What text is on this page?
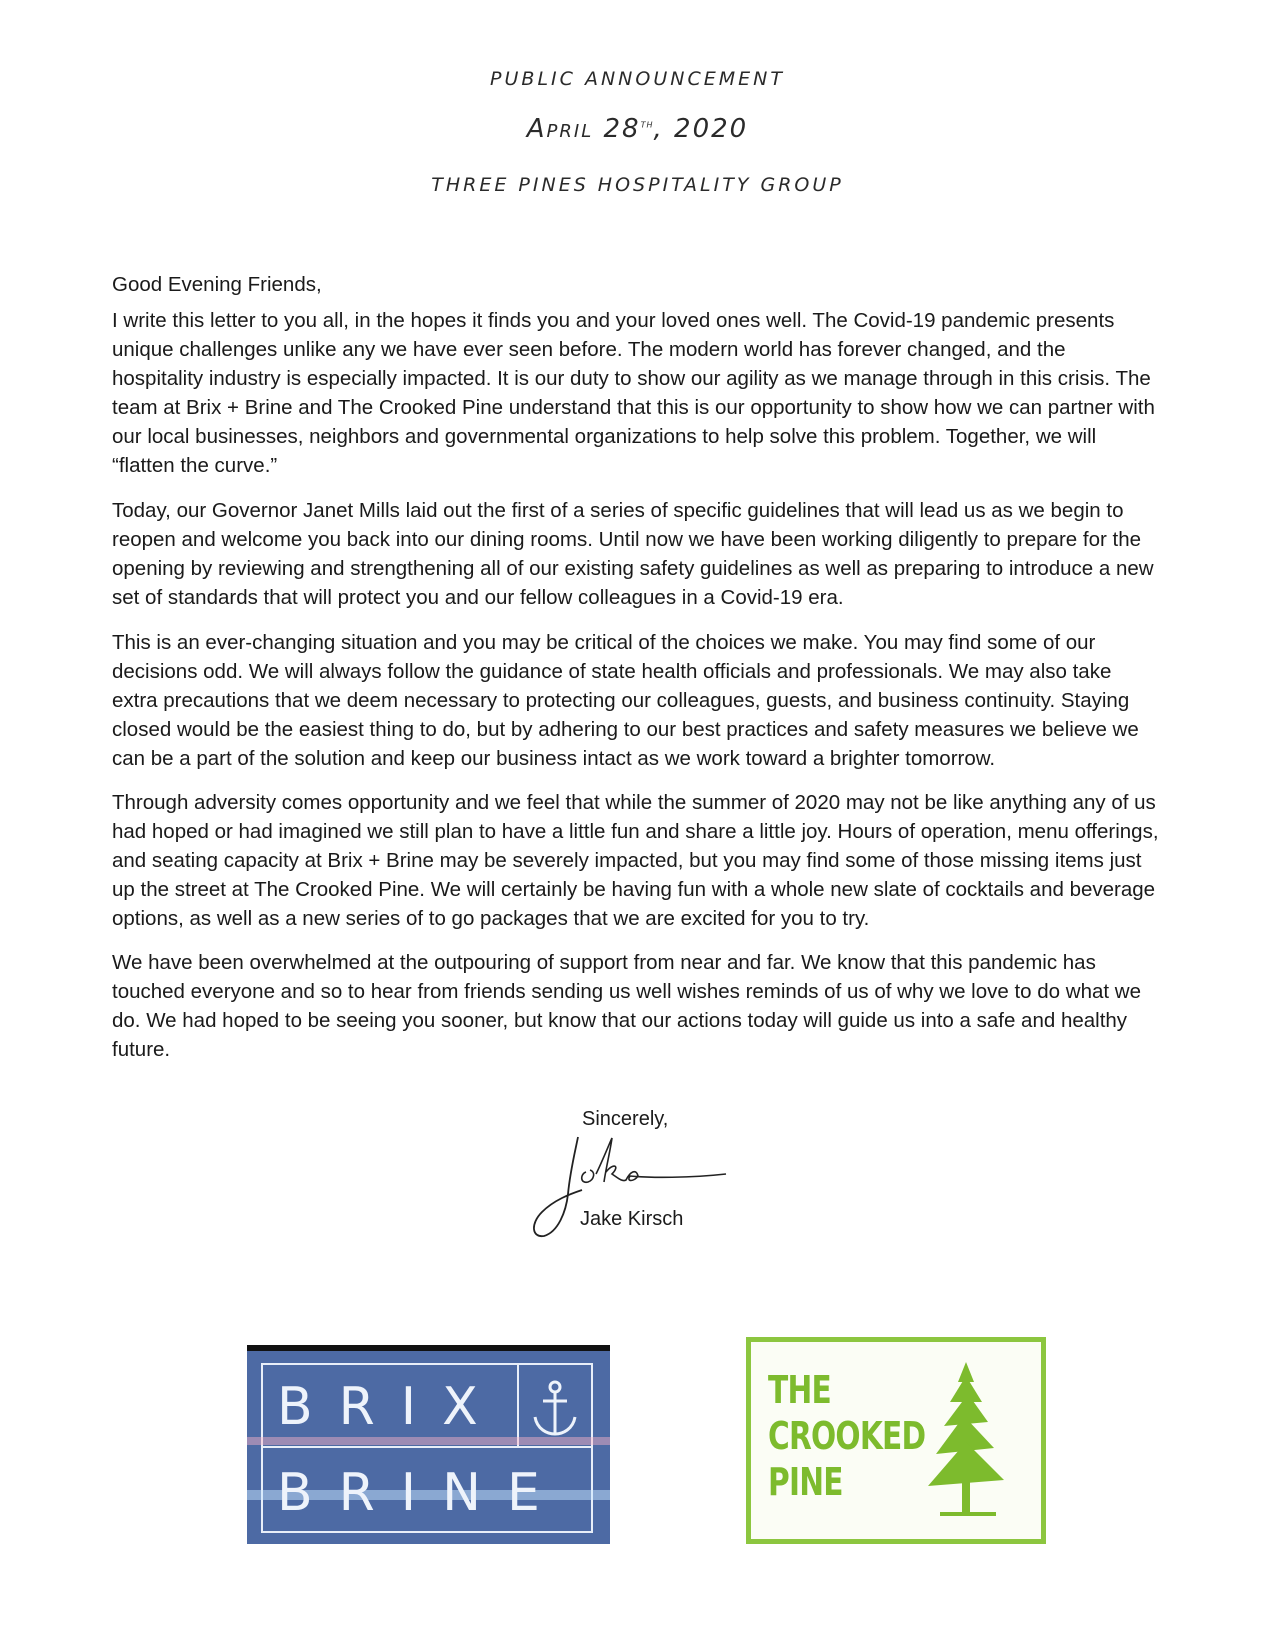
PUBLIC ANNOUNCEMENT
April 28th, 2020
THREE PINES HOSPITALITY GROUP

Good Evening Friends,

I write this letter to you all, in the hopes it finds you and your loved ones well. The Covid-19 pandemic presents unique challenges unlike any we have ever seen before. The modern world has forever changed, and the hospitality industry is especially impacted. It is our duty to show our agility as we manage through in this crisis. The team at Brix + Brine and The Crooked Pine understand that this is our opportunity to show how we can partner with our local businesses, neighbors and governmental organizations to help solve this problem. Together, we will “flatten the curve.”

Today, our Governor Janet Mills laid out the first of a series of specific guidelines that will lead us as we begin to reopen and welcome you back into our dining rooms. Until now we have been working diligently to prepare for the opening by reviewing and strengthening all of our existing safety guidelines as well as preparing to introduce a new set of standards that will protect you and our fellow colleagues in a Covid-19 era.

This is an ever-changing situation and you may be critical of the choices we make. You may find some of our decisions odd. We will always follow the guidance of state health officials and professionals. We may also take extra precautions that we deem necessary to protecting our colleagues, guests, and business continuity. Staying closed would be the easiest thing to do, but by adhering to our best practices and safety measures we believe we can be a part of the solution and keep our business intact as we work toward a brighter tomorrow.

Through adversity comes opportunity and we feel that while the summer of 2020 may not be like anything any of us had hoped or had imagined we still plan to have a little fun and share a little joy. Hours of operation, menu offerings, and seating capacity at Brix + Brine may be severely impacted, but you may find some of those missing items just up the street at The Crooked Pine. We will certainly be having fun with a whole new slate of cocktails and beverage options, as well as a new series of to go packages that we are excited for you to try.

We have been overwhelmed at the outpouring of support from near and far. We know that this pandemic has touched everyone and so to hear from friends sending us well wishes reminds of us of why we love to do what we do. We had hoped to be seeing you sooner, but know that our actions today will guide us into a safe and healthy future.

Sincerely,
Jake Kirsch
BRIX
BRINE
THE
CROOKED
PINE
